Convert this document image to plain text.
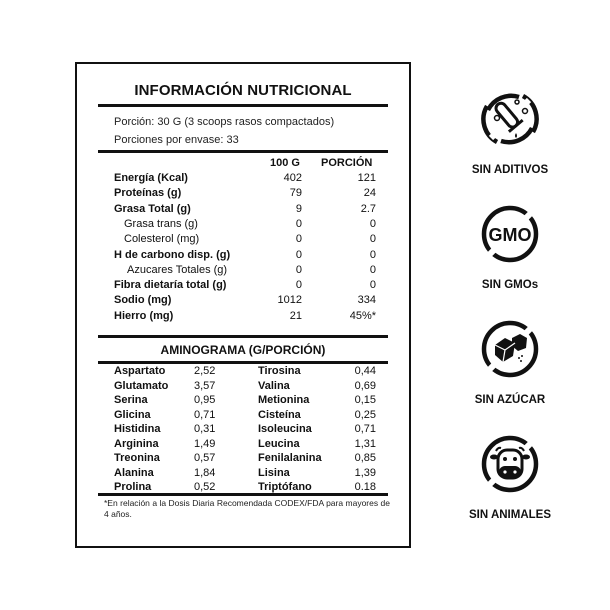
INFORMACIÓN NUTRICIONAL
Porción: 30 G (3 scoops rasos compactados)
Porciones por envase: 33
100 G PORCIÓN
Energía (Kcal)	402	121
Proteínas (g)	79	24
Grasa Total (g)	9	2.7
Grasa trans (g)	0	0
Colesterol (mg)	0	0
H de carbono disp. (g)	0	0
Azucares Totales (g)	0	0
Fibra dietaría total (g)	0	0
Sodio (mg)	1012	334
Hierro (mg)	21	45%*
AMINOGRAMA (G/PORCIÓN)
Aspartato	2,52	Tirosina	0,44
Glutamato 3,57	Valina	0,69
Serina	0,95	Metionina	0,15
Glicina	0,71	Cisteína	0,25
Histidina	0,31	Isoleucina	0,71
Arginina	1,49	Leucina	1,31
Treonina	0,57	Fenilalanina	0,85
Alanina	1,84	Lisina	1,39
Prolina	0,52	Triptófano	0.18
*En relación a la Dosis Diaria Recomendada CODEX/FDA para mayores de 4 años.
SIN ADITIVOS
GMO
SIN GMOs
SIN AZÚCAR
SIN ANIMALES
